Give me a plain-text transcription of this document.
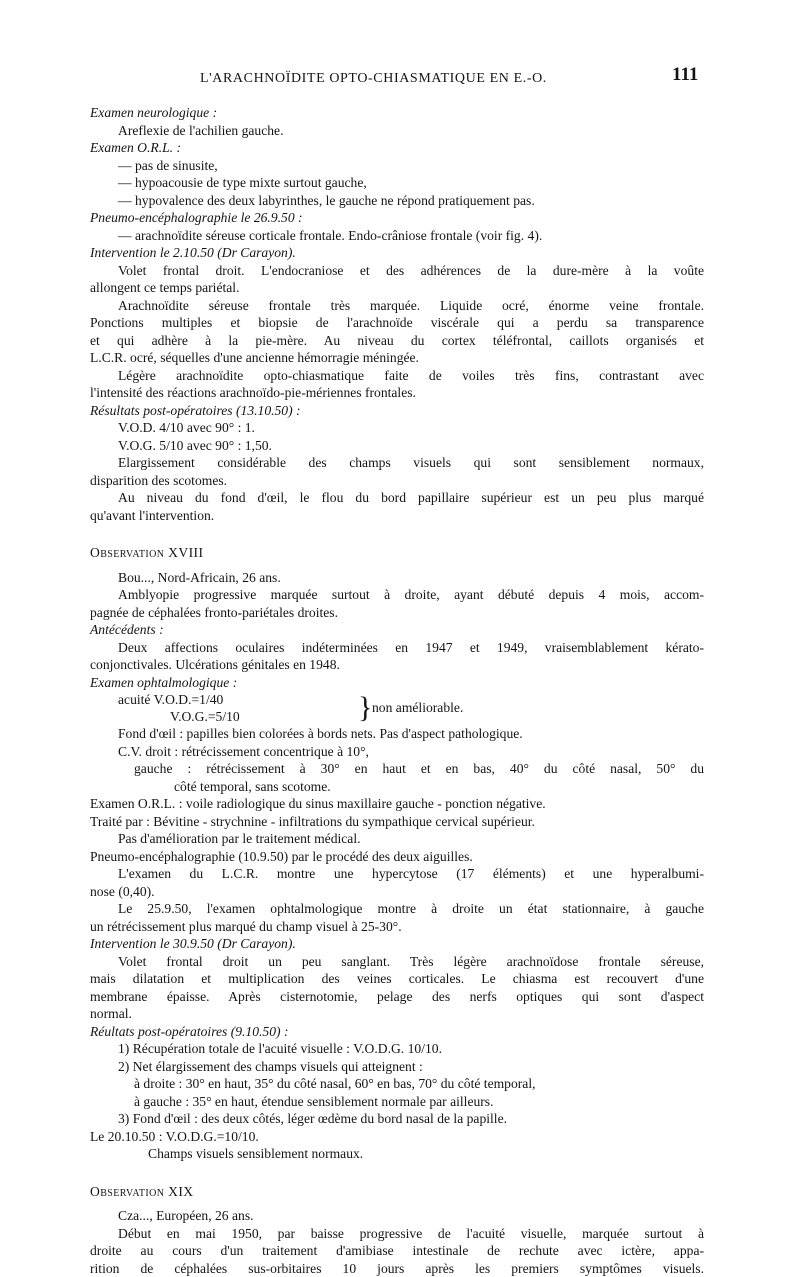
L'ARACHNOÏDITE OPTO-CHIASMATIQUE EN E.-O.	111
Examen neurologique :
Areflexie de l'achilien gauche.
Examen O.R.L. :
— pas de sinusite,
— hypoacousie de type mixte surtout gauche,
— hypovalence des deux labyrinthes, le gauche ne répond pratiquement pas.
Pneumo-encéphalographie le 26.9.50 :
— arachnoïdite séreuse corticale frontale. Endo-crâniose frontale (voir fig. 4).
Intervention le 2.10.50 (Dr Carayon).
Volet frontal droit. L'endocraniose et des adhérences de la dure-mère à la voûte
allongent ce temps pariétal.
Arachnoïdite séreuse frontale très marquée. Liquide ocré, énorme veine frontale.
Ponctions multiples et biopsie de l'arachnoïde viscérale qui a perdu sa transparence
et qui adhère à la pie-mère. Au niveau du cortex téléfrontal, caillots organisés et
L.C.R. ocré, séquelles d'une ancienne hémorragie méningée.
Légère arachnoïdite opto-chiasmatique faite de voiles très fins, contrastant avec
l'intensité des réactions arachnoïdo-pie-mériennes frontales.
Résultats post-opératoires (13.10.50) :
V.O.D. 4/10 avec 90° : 1.
V.O.G. 5/10 avec 90° : 1,50.
Elargissement considérable des champs visuels qui sont sensiblement normaux,
disparition des scotomes.
Au niveau du fond d'œil, le flou du bord papillaire supérieur est un peu plus marqué
qu'avant l'intervention.
Observation XVIII
Bou..., Nord-Africain, 26 ans.
Amblyopie progressive marquée surtout à droite, ayant débuté depuis 4 mois, accom-
pagnée de céphalées fronto-pariétales droites.
Antécédents :
Deux affections oculaires indéterminées en 1947 et 1949, vraisemblablement kérato-
conjonctivales. Ulcérations génitales en 1948.
Examen ophtalmologique :
acuité V.O.D.=1/40
V.O.G.=5/10	} non améliorable.
Fond d'œil : papilles bien colorées à bords nets. Pas d'aspect pathologique.
C.V. droit : rétrécissement concentrique à 10°,
gauche : rétrécissement à 30° en haut et en bas, 40° du côté nasal, 50° du
côté temporal, sans scotome.
Examen O.R.L. : voile radiologique du sinus maxillaire gauche - ponction négative.
Traité par : Bévitine - strychnine - infiltrations du sympathique cervical supérieur.
Pas d'amélioration par le traitement médical.
Pneumo-encéphalographie (10.9.50) par le procédé des deux aiguilles.
L'examen du L.C.R. montre une hypercytose (17 éléments) et une hyperalbumi-
nose (0,40).
Le 25.9.50, l'examen ophtalmologique montre à droite un état stationnaire, à gauche
un rétrécissement plus marqué du champ visuel à 25-30°.
Intervention le 30.9.50 (Dr Carayon).
Volet frontal droit un peu sanglant. Très légère arachnoïdose frontale séreuse,
mais dilatation et multiplication des veines corticales. Le chiasma est recouvert d'une
membrane épaisse. Après cisternotomie, pelage des nerfs optiques qui sont d'aspect
normal.
Réultats post-opératoires (9.10.50) :
1) Récupération totale de l'acuité visuelle : V.O.D.G. 10/10.
2) Net élargissement des champs visuels qui atteignent :
à droite : 30° en haut, 35° du côté nasal, 60° en bas, 70° du côté temporal,
à gauche : 35° en haut, étendue sensiblement normale par ailleurs.
3) Fond d'œil : des deux côtés, léger œdème du bord nasal de la papille.
Le 20.10.50 : V.O.D.G.=10/10.
Champs visuels sensiblement normaux.
Observation XIX
Cza..., Européen, 26 ans.
Début en mai 1950, par baisse progressive de l'acuité visuelle, marquée surtout à
droite au cours d'un traitement d'amibiase intestinale de rechute avec ictère, appa-
rition de céphalées sus-orbitaires 10 jours après les premiers symptômes visuels.
